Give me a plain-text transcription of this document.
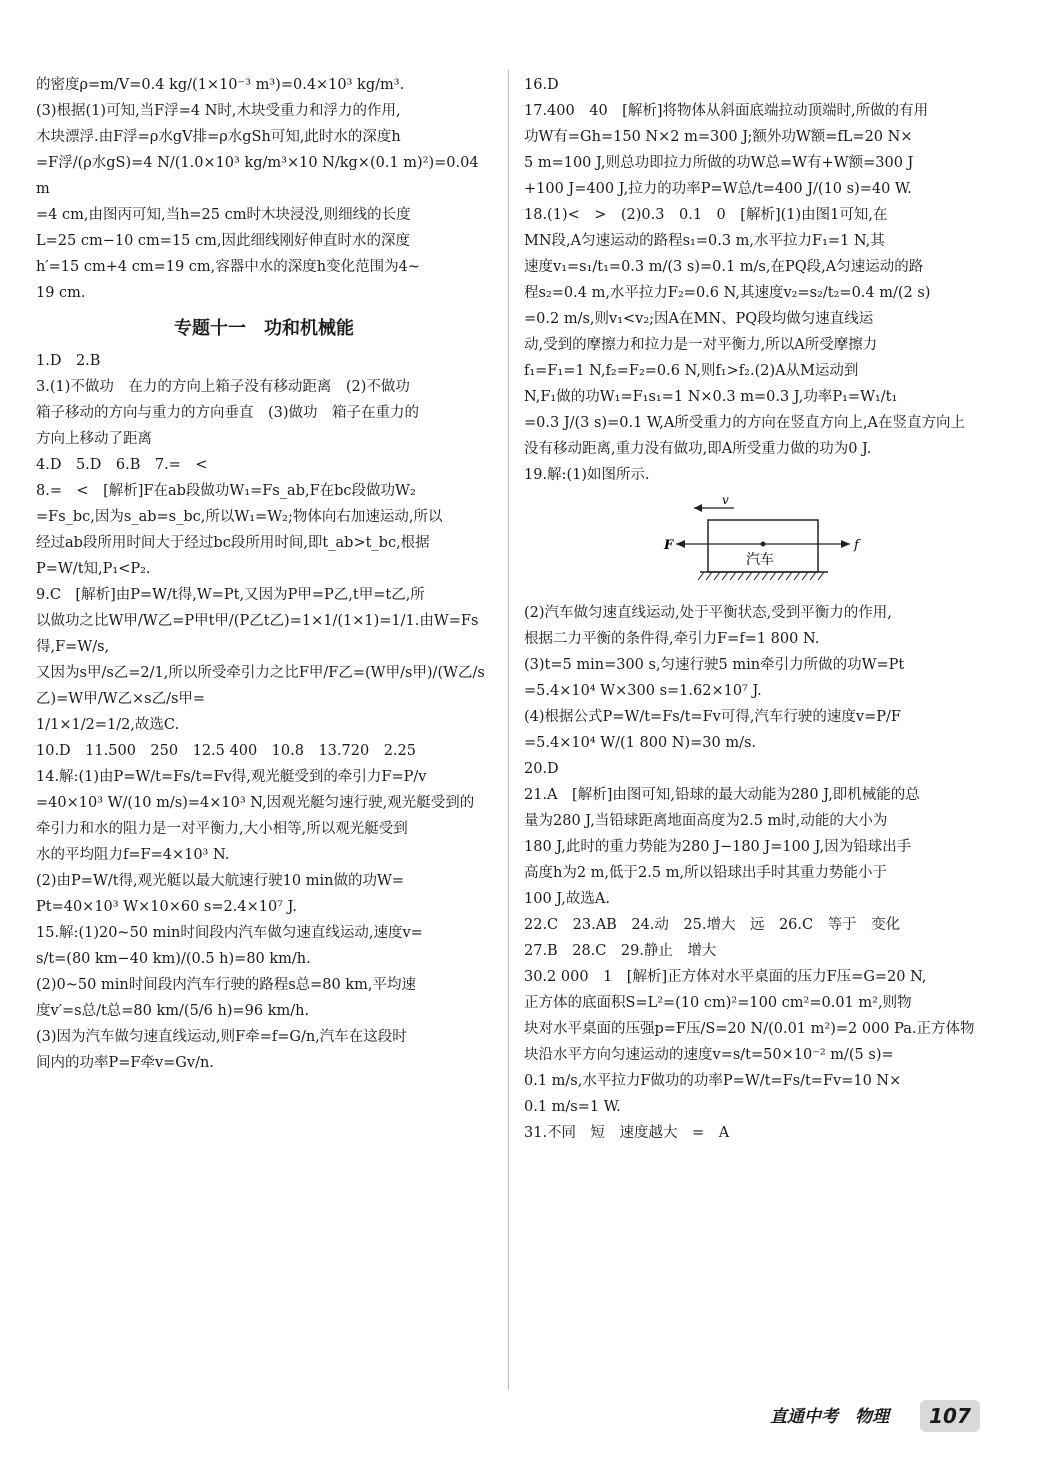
的密度ρ=m/V=0.4 kg/(1×10⁻³ m³)=0.4×10³ kg/m³.
(3)根据(1)可知,当F浮=4 N时,木块受重力和浮力的作用,
木块漂浮.由F浮=ρ水gV排=ρ水gSh可知,此时水的深度h
=F浮/(ρ水gS)=4 N/(1.0×10³ kg/m³×10 N/kg×(0.1 m)²)=0.04 m
=4 cm,由图丙可知,当h=25 cm时木块浸没,则细线的长度
L=25 cm−10 cm=15 cm,因此细线刚好伸直时水的深度
h′=15 cm+4 cm=19 cm,容器中水的深度h变化范围为4~
19 cm.
专题十一　功和机械能
1.D　2.B
3.(1)不做功　在力的方向上箱子没有移动距离　(2)不做功
箱子移动的方向与重力的方向垂直　(3)做功　箱子在重力的
方向上移动了距离
4.D　5.D　6.B　7.=　<
8.=　<　[解析]F在ab段做功W₁=Fs_ab,F在bc段做功W₂
=Fs_bc,因为s_ab=s_bc,所以W₁=W₂;物体向右加速运动,所以
经过ab段所用时间大于经过bc段所用时间,即t_ab>t_bc,根据
P=W/t知,P₁<P₂.
9.C　[解析]由P=W/t得,W=Pt,又因为P甲=P乙,t甲=t乙,所
以做功之比W甲/W乙=P甲t甲/(P乙t乙)=1×1/(1×1)=1/1.由W=Fs得,F=W/s,
又因为s甲/s乙=2/1,所以所受牵引力之比F甲/F乙=(W甲/s甲)/(W乙/s乙)=W甲/W乙×s乙/s甲=
1/1×1/2=1/2,故选C.
10.D　11.500　250　12.5 400　10.8　13.720　2.25
14.解:(1)由P=W/t=Fs/t=Fv得,观光艇受到的牵引力F=P/v
=40×10³ W/(10 m/s)=4×10³ N,因观光艇匀速行驶,观光艇受到的
牵引力和水的阻力是一对平衡力,大小相等,所以观光艇受到
水的平均阻力f=F=4×10³ N.
(2)由P=W/t得,观光艇以最大航速行驶10 min做的功W=
Pt=40×10³ W×10×60 s=2.4×10⁷ J.
15.解:(1)20~50 min时间段内汽车做匀速直线运动,速度v=
s/t=(80 km−40 km)/(0.5 h)=80 km/h.
(2)0~50 min时间段内汽车行驶的路程s总=80 km,平均速
度v′=s总/t总=80 km/(5/6 h)=96 km/h.
(3)因为汽车做匀速直线运动,则F牵=f=G/n,汽车在这段时
间内的功率P=F牵v=Gv/n.
16.D
17.400　40　[解析]将物体从斜面底端拉动顶端时,所做的有用
功W有=Gh=150 N×2 m=300 J;额外功W额=fL=20 N×
5 m=100 J,则总功即拉力所做的功W总=W有+W额=300 J
+100 J=400 J,拉力的功率P=W总/t=400 J/(10 s)=40 W.
18.(1)<　>　(2)0.3　0.1　0　[解析](1)由图1可知,在
MN段,A匀速运动的路程s₁=0.3 m,水平拉力F₁=1 N,其
速度v₁=s₁/t₁=0.3 m/(3 s)=0.1 m/s,在PQ段,A匀速运动的路
程s₂=0.4 m,水平拉力F₂=0.6 N,其速度v₂=s₂/t₂=0.4 m/(2 s)
=0.2 m/s,则v₁<v₂;因A在MN、PQ段均做匀速直线运
动,受到的摩擦力和拉力是一对平衡力,所以A所受摩擦力
f₁=F₁=1 N,f₂=F₂=0.6 N,则f₁>f₂.(2)A从M运动到
N,F₁做的功W₁=F₁s₁=1 N×0.3 m=0.3 J,功率P₁=W₁/t₁
=0.3 J/(3 s)=0.1 W,A所受重力的方向在竖直方向上,A在竖直方向上
没有移动距离,重力没有做功,即A所受重力做的功为0 J.
19.解:(1)如图所示.
v
汽车
F	f
(2)汽车做匀速直线运动,处于平衡状态,受到平衡力的作用,
根据二力平衡的条件得,牵引力F=f=1 800 N.
(3)t=5 min=300 s,匀速行驶5 min牵引力所做的功W=Pt
=5.4×10⁴ W×300 s=1.62×10⁷ J.
(4)根据公式P=W/t=Fs/t=Fv可得,汽车行驶的速度v=P/F
=5.4×10⁴ W/(1 800 N)=30 m/s.
20.D
21.A　[解析]由图可知,铅球的最大动能为280 J,即机械能的总
量为280 J,当铅球距离地面高度为2.5 m时,动能的大小为
180 J,此时的重力势能为280 J−180 J=100 J,因为铅球出手
高度h为2 m,低于2.5 m,所以铅球出手时其重力势能小于
100 J,故选A.
22.C　23.AB　24.动　25.增大　远　26.C　等于　变化
27.B　28.C　29.静止　增大
30.2 000　1　[解析]正方体对水平桌面的压力F压=G=20 N,
正方体的底面积S=L²=(10 cm)²=100 cm²=0.01 m²,则物
块对水平桌面的压强p=F压/S=20 N/(0.01 m²)=2 000 Pa.正方体物
块沿水平方向匀速运动的速度v=s/t=50×10⁻² m/(5 s)=
0.1 m/s,水平拉力F做功的功率P=W/t=Fs/t=Fv=10 N×
0.1 m/s=1 W.
31.不同　短　速度越大　=　A
直通中考　物理	107
